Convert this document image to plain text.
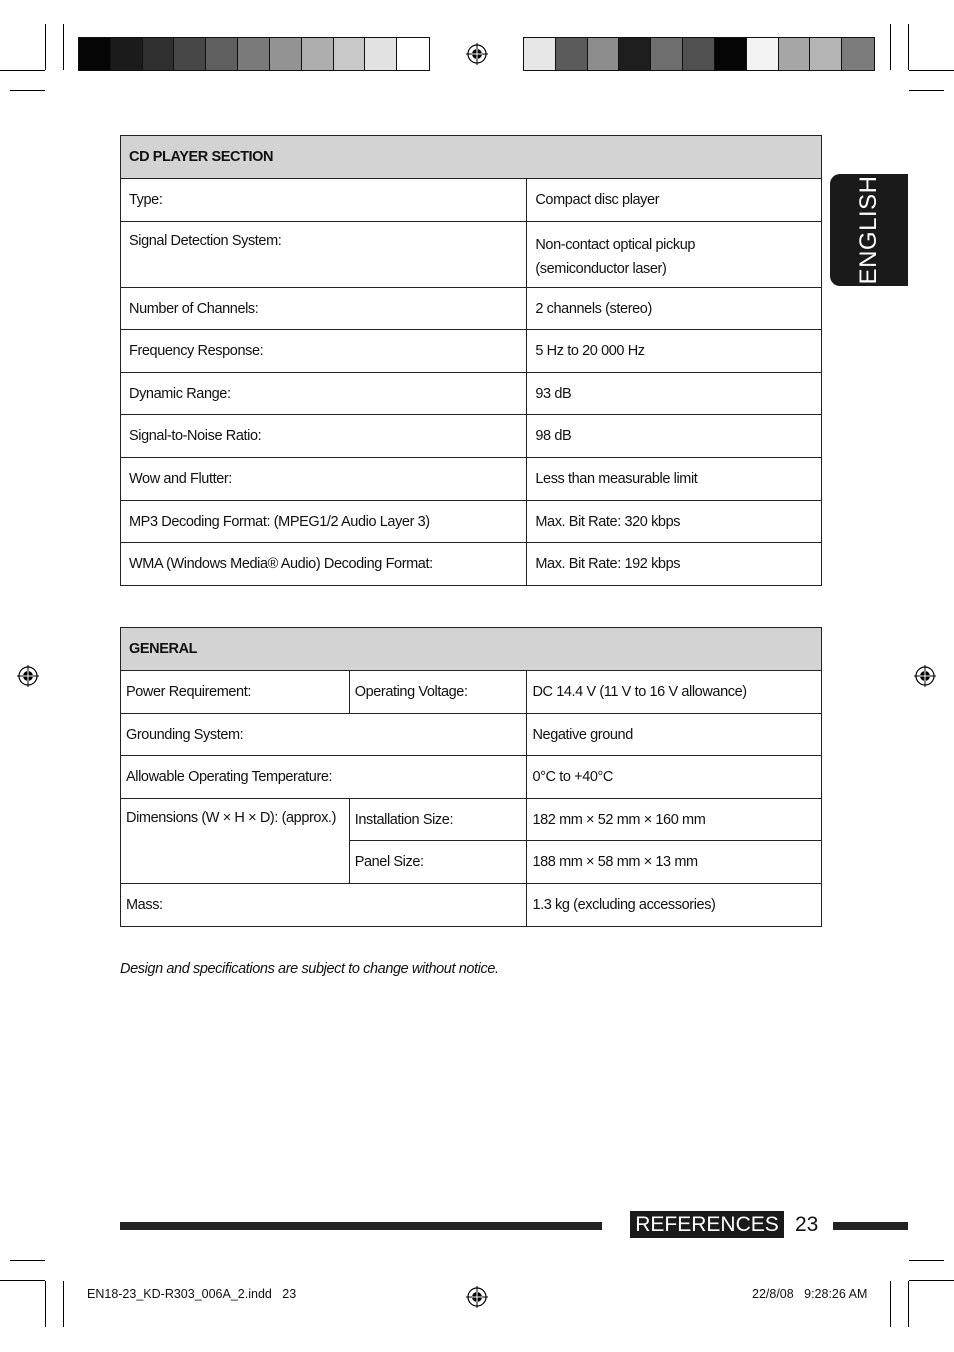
ENGLISH
CD PLAYER SECTION	
Type:	Compact disc player
Signal Detection System:	Non-contact optical pickup
(semiconductor laser)
Number of Channels:	2 channels (stereo)
Frequency Response:	5 Hz to 20 000 Hz
Dynamic Range:	93 dB
Signal-to-Noise Ratio:	98 dB
Wow and Flutter:	Less than measurable limit
MP3 Decoding Format: (MPEG1/2 Audio Layer 3)	Max. Bit Rate: 320 kbps
WMA (Windows Media® Audio) Decoding Format:	Max. Bit Rate: 192 kbps
GENERAL		
Power Requirement:	Operating Voltage:	DC 14.4 V (11 V to 16 V allowance)
Grounding System:		Negative ground
Allowable Operating Temperature:		0°C to +40°C
Dimensions (W × H × D): (approx.)	Installation Size:	182 mm × 52 mm × 160 mm
	Panel Size:	188 mm × 58 mm × 13 mm
Mass:		1.3 kg (excluding accessories)
Design and specifications are subject to change without notice.
REFERENCES 23
EN18-23_KD-R303_006A_2.indd   23	22/8/08   9:28:26 AM
